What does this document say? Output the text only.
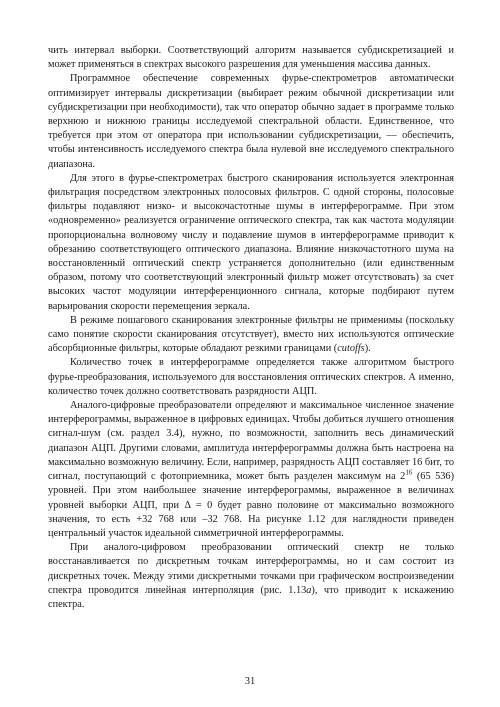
чить интервал выборки. Соответствующий алгоритм называется субдискретизацией и может применяться в спектрах высокого разрешения для уменьшения массива данных.

Программное обеспечение современных фурье-спектрометров автоматически оптимизирует интервалы дискретизации (выбирает режим обычной дискретизации или субдискретизации при необходимости), так что оператор обычно задает в программе только верхнюю и нижнюю границы исследуемой спектральной области. Единственное, что требуется при этом от оператора при использовании субдискретизации, — обеспечить, чтобы интенсивность исследуемого спектра была нулевой вне исследуемого спектрального диапазона.

Для этого в фурье-спектрометрах быстрого сканирования используется электронная фильтрация посредством электронных полосовых фильтров. С одной стороны, полосовые фильтры подавляют низко- и высокочастотные шумы в интерферограмме. При этом «одновременно» реализуется ограничение оптического спектра, так как частота модуляции пропорциональна волновому числу и подавление шумов в интерферограмме приводит к обрезанию соответствующего оптического диапазона. Влияние низкочастотного шума на восстановленный оптический спектр устраняется дополнительно (или единственным образом, потому что соответствующий электронный фильтр может отсутствовать) за счет высоких частот модуляции интерференционного сигнала, которые подбирают путем варьирования скорости перемещения зеркала.

В режиме пошагового сканирования электронные фильтры не применимы (поскольку само понятие скорости сканирования отсутствует), вместо них используются оптические абсорбционные фильтры, которые обладают резкими границами (cutoffs).

Количество точек в интерферограмме определяется также алгоритмом быстрого фурье-преобразования, используемого для восстановления оптических спектров. А именно, количество точек должно соответствовать разрядности АЦП.

Аналого-цифровые преобразователи определяют и максимальное численное значение интерферограммы, выраженное в цифровых единицах. Чтобы добиться лучшего отношения сигнал-шум (см. раздел 3.4), нужно, по возможности, заполнить весь динамический диапазон АЦП. Другими словами, амплитуда интерферограммы должна быть настроена на максимально возможную величину. Если, например, разрядность АЦП составляет 16 бит, то сигнал, поступающий с фотоприемника, может быть разделен максимум на $2^{16}$ (65 536) уровней. При этом наибольшее значение интерферограммы, выраженное в величинах уровней выборки АЦП, при Δ = 0 будет равно половине от максимально возможного значения, то есть +32 768 или –32 768. На рисунке 1.12 для наглядности приведен центральный участок идеальной симметричной интерферограммы.

При аналого-цифровом преобразовании оптический спектр не только восстанавливается по дискретным точкам интерферограммы, но и сам состоит из дискретных точек. Между этими дискретными точками при графическом воспроизведении спектра проводится линейная интерполяция (рис. 1.13а), что приводит к искажению спектра.

31
